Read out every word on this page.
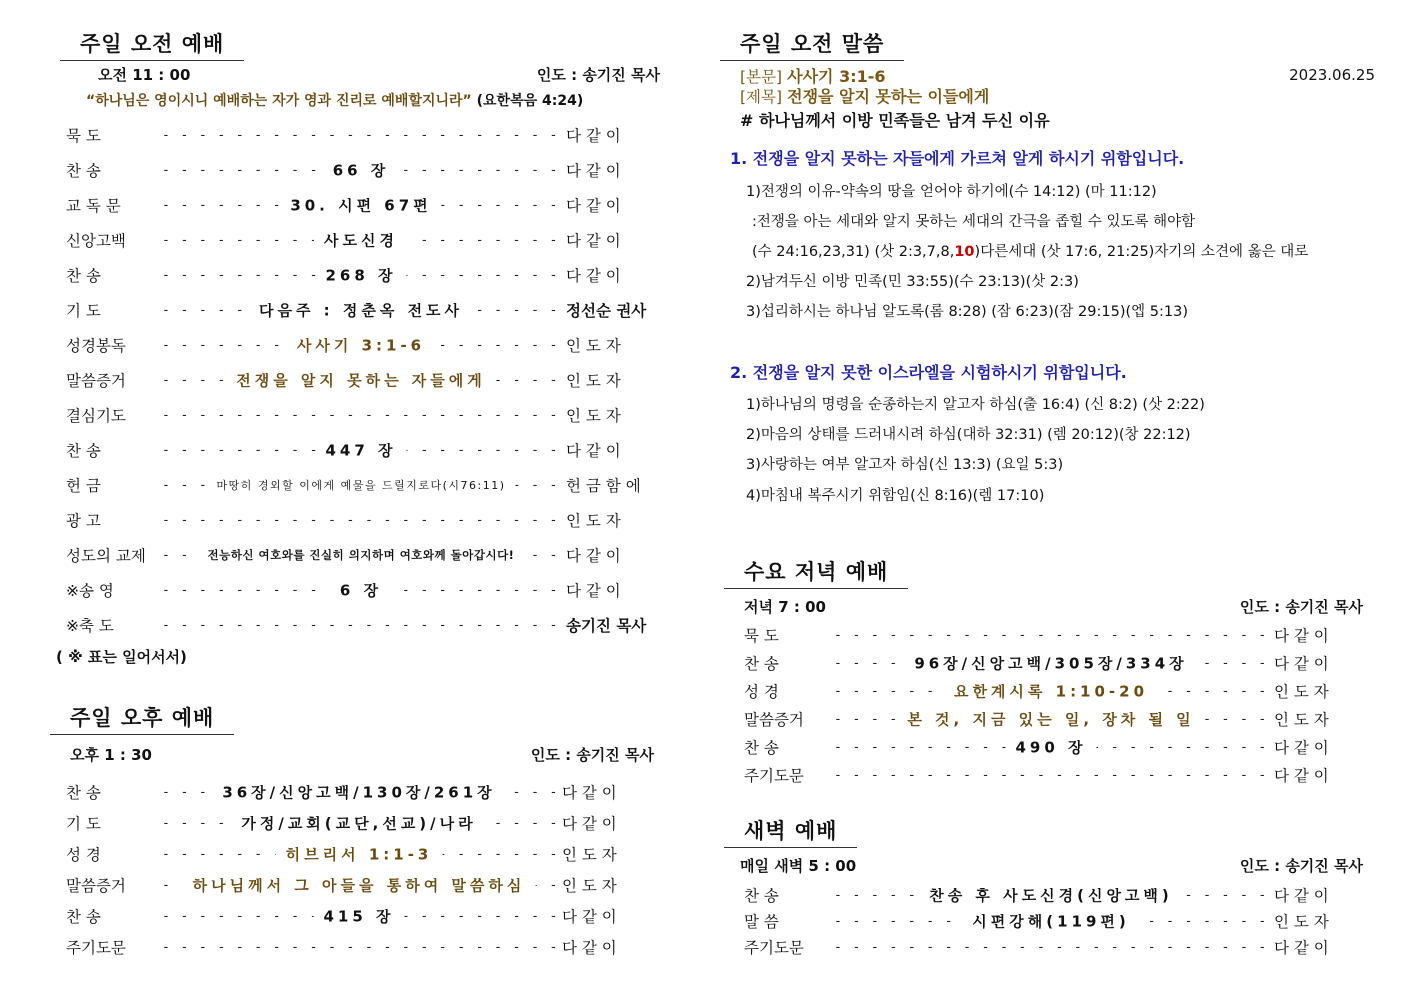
주일 오전 예배
오전 11 : 00	인도 : 송기진 목사
“하나님은 영이시니 예배하는 자가 영과 진리로 예배할지니라” (요한복음 4:24)
묵 도 - - -	다 같 이
찬 송	- - - 66 장	다 같 이
교 독 문	- - - 30. 시편 67편	다 같 이
신앙고백	- - - 사도신경	다 같 이
찬 송	- - - 268 장	다 같 이
기 도	- - - 다음주 : 정춘옥 전도사	정선순 권사
성경봉독	- - - 사사기 3:1-6	인 도 자
말씀증거	- - - 전쟁을 알지 못하는 자들에게	인 도 자
결심기도 - - -	인 도 자
찬 송	- - - 447 장	다 같 이
헌 금	- - - 마땅히 경외할 이에게 예물을 드릴지로다(시76:11)	헌 금 함 에
광 고 - - -	인 도 자
성도의 교제	- - - 전능하신 여호와를 진실히 의지하며 여호와께 돌아갑시다!	다 같 이
※송 영	- - - 6 장	다 같 이
※축 도 - - -	송기진 목사
( ※ 표는 일어서서)
주일 오후 예배
오후 1 : 30	인도 : 송기진 목사
찬 송	- - - 36장/신앙고백/130장/261장	다 같 이
기 도	- - - 가정/교회(교단,선교)/나라	다 같 이
성 경	- - - 히브리서 1:1-3	인 도 자
말씀증거	- - - 하나님께서 그 아들을 통하여 말씀하심	인 도 자
찬 송	- - - 415 장	다 같 이
주기도문 - - -	다 같 이
주일 오전 말씀
2023.06.25
[본문] 사사기 3:1-6
[제목] 전쟁을 알지 못하는 이들에게
# 하나님께서 이방 민족들은 남겨 두신 이유
1. 전쟁을 알지 못하는 자들에게 가르쳐 알게 하시기 위함입니다.
1)전쟁의 이유-약속의 땅을 얻어야 하기에(수 14:12) (마 11:12)
:전쟁을 아는 세대와 알지 못하는 세대의 간극을 좁힐 수 있도록 해야함
(수 24:16,23,31) (삿 2:3,7,8,10)다른세대 (삿 17:6, 21:25)자기의 소견에 옳은 대로
2)남겨두신 이방 민족(민 33:55)(수 23:13)(삿 2:3)
3)섭리하시는 하나님 알도록(롬 8:28) (잠 6:23)(잠 29:15)(엡 5:13)
2. 전쟁을 알지 못한 이스라엘을 시험하시기 위함입니다.
1)하나님의 명령을 순종하는지 알고자 하심(출 16:4) (신 8:2) (삿 2:22)
2)마음의 상태를 드러내시려 하심(대하 32:31) (렘 20:12)(창 22:12)
3)사랑하는 여부 알고자 하심(신 13:3) (요일 5:3)
4)마침내 복주시기 위함임(신 8:16)(렘 17:10)
수요 저녁 예배
저녁 7 : 00	인도 : 송기진 목사
묵 도 - - -	다 같 이
찬 송	- - - 96장/신앙고백/305장/334장	다 같 이
성 경	- - - 요한계시록 1:10-20	인 도 자
말씀증거	- - - 본 것, 지금 있는 일, 장차 될 일	인 도 자
찬 송	- - - 490 장	다 같 이
주기도문 - - -	다 같 이
새벽 예배
매일 새벽 5 : 00	인도 : 송기진 목사
찬 송	- - - 찬송 후 사도신경(신앙고백)	다 같 이
말 씀	- - - 시편강해(119편)	인 도 자
주기도문 - - -	다 같 이
